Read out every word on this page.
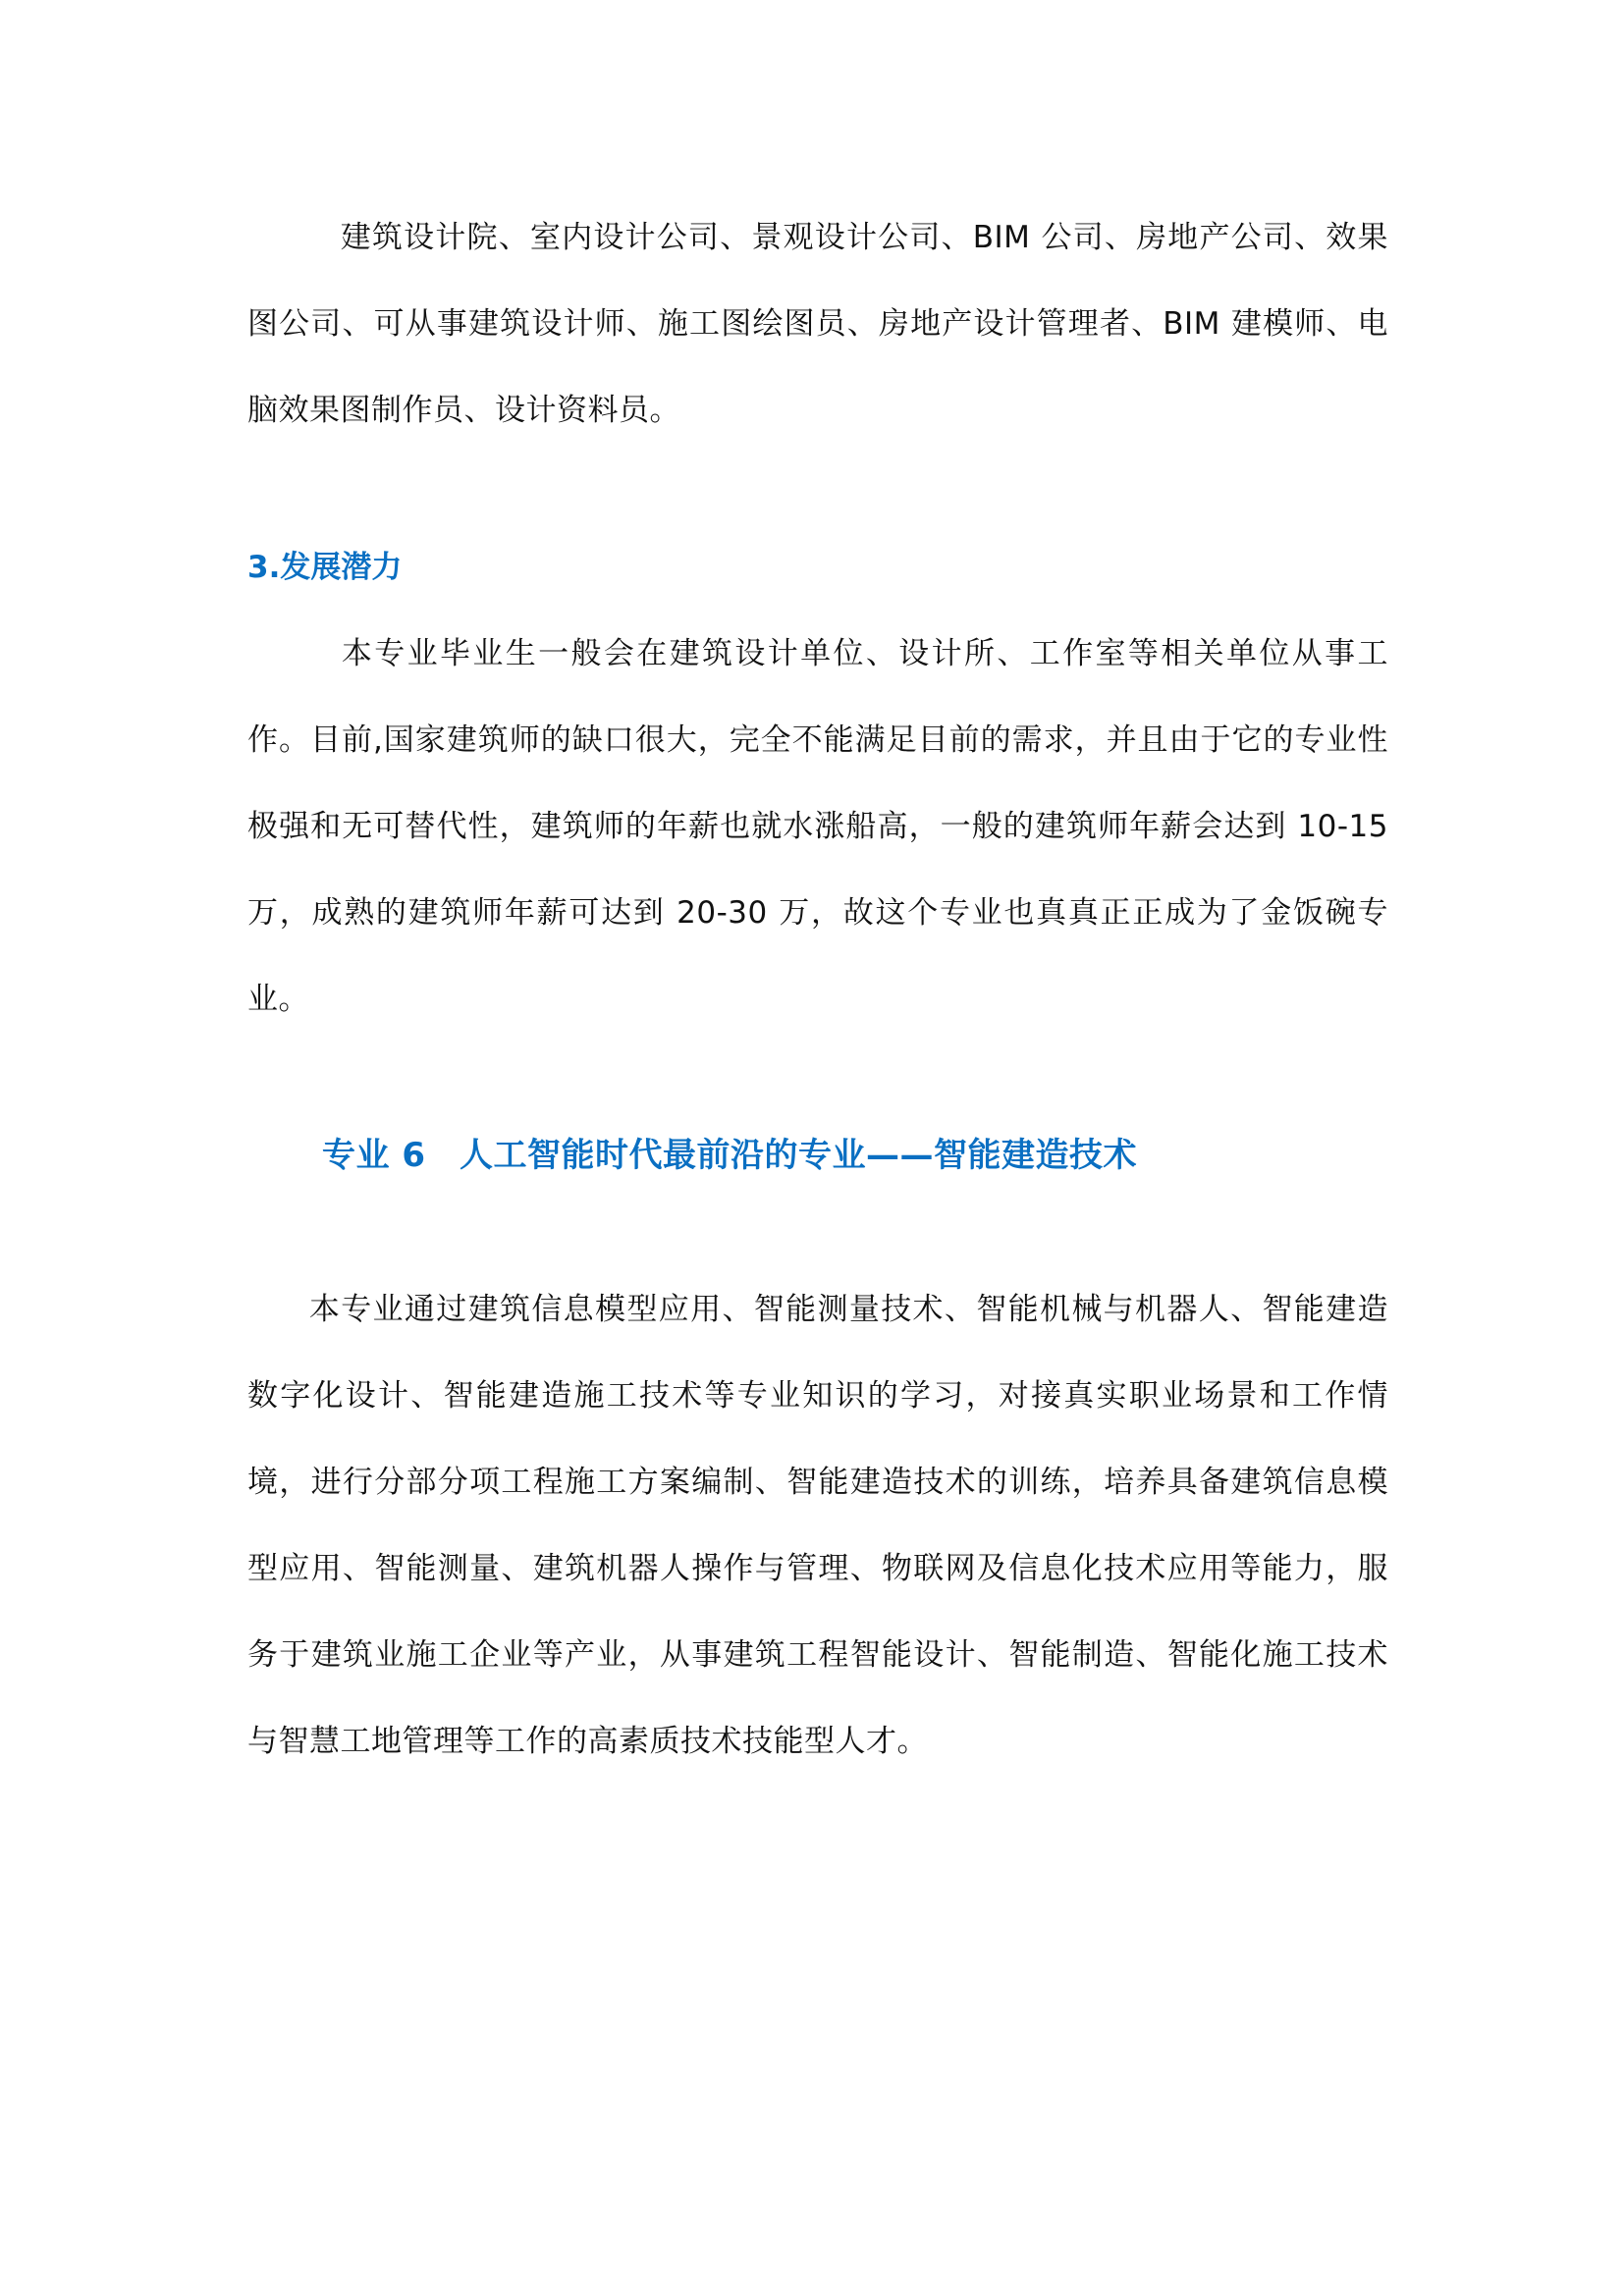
建筑设计院、室内设计公司、景观设计公司、BIM 公司、房地产公司、效果图公司、可从事建筑设计师、施工图绘图员、房地产设计管理者、BIM 建模师、电脑效果图制作员、设计资料员。

3.发展潜力

本专业毕业生一般会在建筑设计单位、设计所、工作室等相关单位从事工作。目前,国家建筑师的缺口很大，完全不能满足目前的需求，并且由于它的专业性极强和无可替代性，建筑师的年薪也就水涨船高，一般的建筑师年薪会达到 10-15 万，成熟的建筑师年薪可达到 20-30 万，故这个专业也真真正正成为了金饭碗专业。

专业 6　人工智能时代最前沿的专业——智能建造技术

本专业通过建筑信息模型应用、智能测量技术、智能机械与机器人、智能建造数字化设计、智能建造施工技术等专业知识的学习，对接真实职业场景和工作情境，进行分部分项工程施工方案编制、智能建造技术的训练，培养具备建筑信息模型应用、智能测量、建筑机器人操作与管理、物联网及信息化技术应用等能力，服务于建筑业施工企业等产业，从事建筑工程智能设计、智能制造、智能化施工技术与智慧工地管理等工作的高素质技术技能型人才。
